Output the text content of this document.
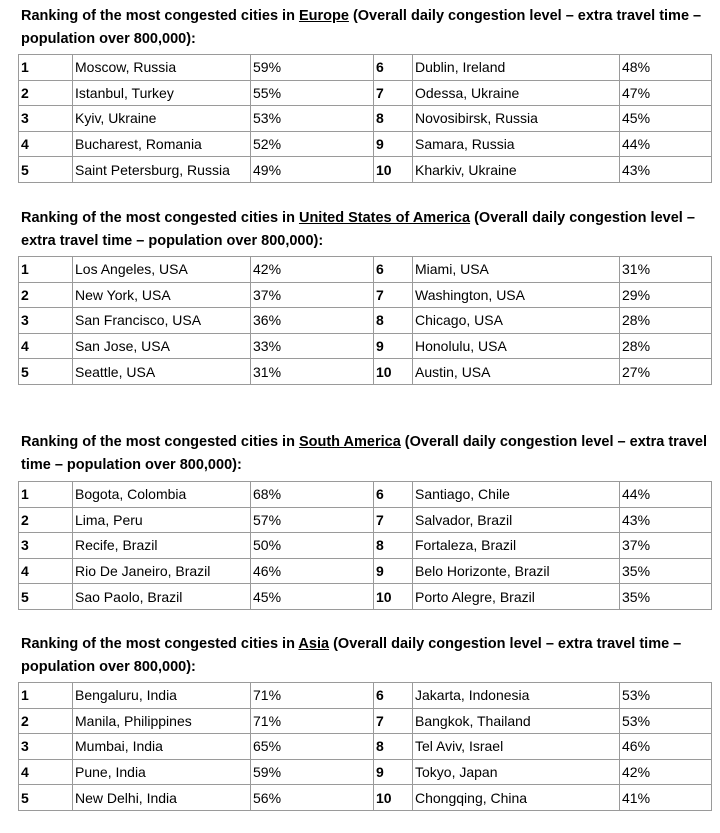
Ranking of the most congested cities in Europe (Overall daily congestion level – extra travel time – population over 800,000):
1	Moscow, Russia	59%	6	Dublin, Ireland	48%
2	Istanbul, Turkey	55%	7	Odessa, Ukraine	47%
3	Kyiv, Ukraine	53%	8	Novosibirsk, Russia	45%
4	Bucharest, Romania	52%	9	Samara, Russia	44%
5	Saint Petersburg, Russia	49%	10	Kharkiv, Ukraine	43%
Ranking of the most congested cities in United States of America (Overall daily congestion level – extra travel time – population over 800,000):
1	Los Angeles, USA	42%	6	Miami, USA	31%
2	New York, USA	37%	7	Washington, USA	29%
3	San Francisco, USA	36%	8	Chicago, USA	28%
4	San Jose, USA	33%	9	Honolulu, USA	28%
5	Seattle, USA	31%	10	Austin, USA	27%
Ranking of the most congested cities in South America (Overall daily congestion level – extra travel time – population over 800,000):
1	Bogota, Colombia	68%	6	Santiago, Chile	44%
2	Lima, Peru	57%	7	Salvador, Brazil	43%
3	Recife, Brazil	50%	8	Fortaleza, Brazil	37%
4	Rio De Janeiro, Brazil	46%	9	Belo Horizonte, Brazil	35%
5	Sao Paolo, Brazil	45%	10	Porto Alegre, Brazil	35%
Ranking of the most congested cities in Asia (Overall daily congestion level – extra travel time – population over 800,000):
1	Bengaluru, India	71%	6	Jakarta, Indonesia	53%
2	Manila, Philippines	71%	7	Bangkok, Thailand	53%
3	Mumbai, India	65%	8	Tel Aviv, Israel	46%
4	Pune, India	59%	9	Tokyo, Japan	42%
5	New Delhi, India	56%	10	Chongqing, China	41%
